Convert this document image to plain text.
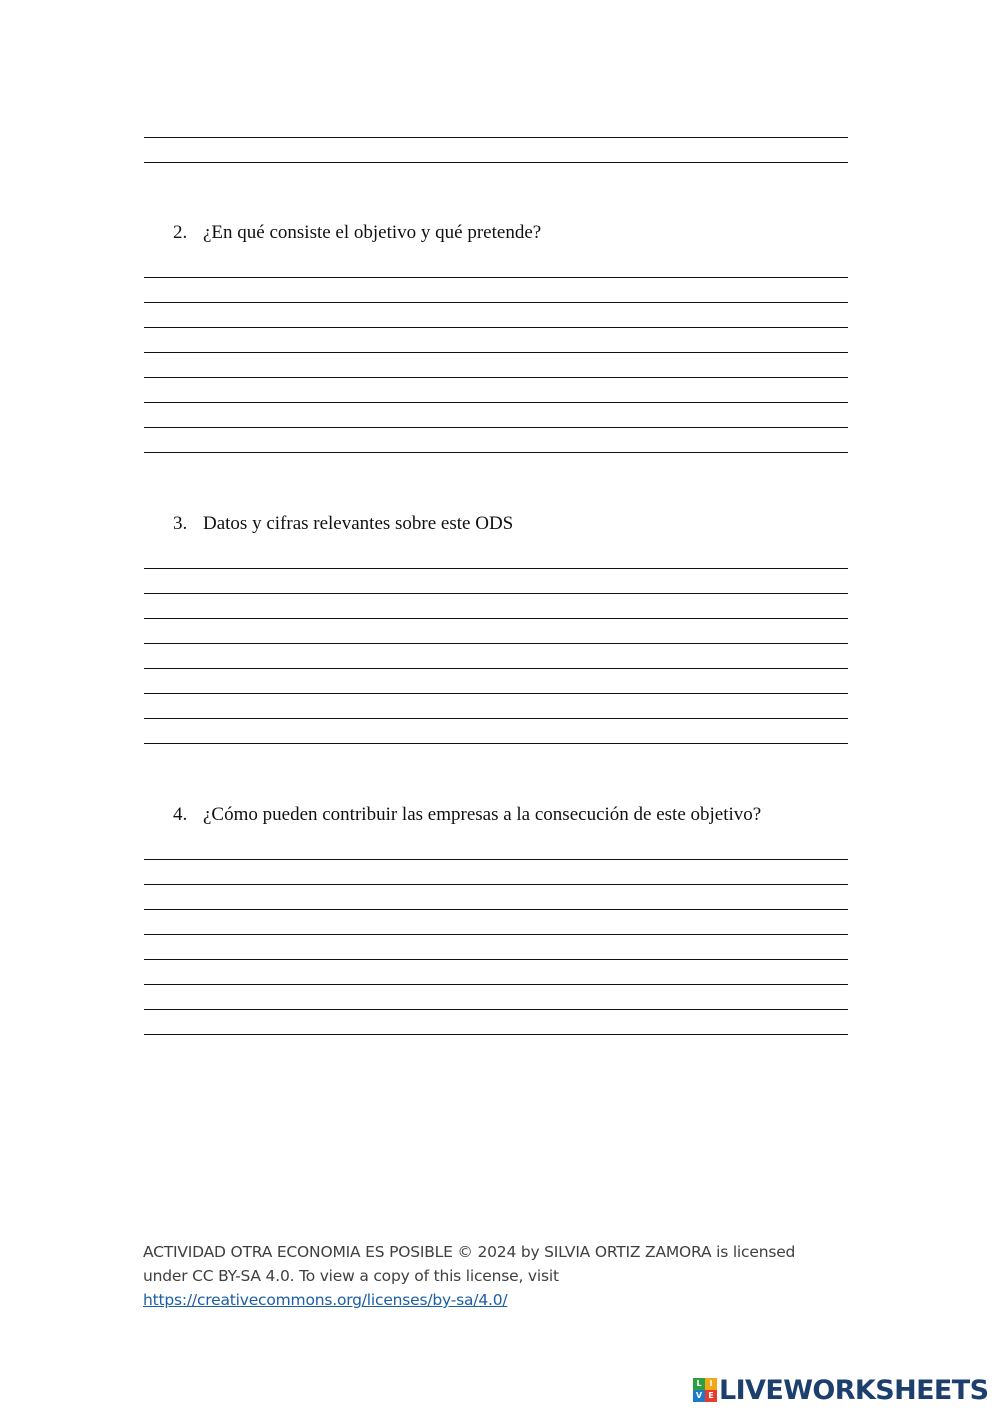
2. ¿En qué consiste el objetivo y qué pretende?
3. Datos y cifras relevantes sobre este ODS
4. ¿Cómo pueden contribuir las empresas a la consecución de este objetivo?
ACTIVIDAD OTRA ECONOMIA ES POSIBLE © 2024 by SILVIA ORTIZ ZAMORA is licensed
under CC BY-SA 4.0. To view a copy of this license, visit
https://creativecommons.org/licenses/by-sa/4.0/
L I
V E LIVEWORKSHEETS
